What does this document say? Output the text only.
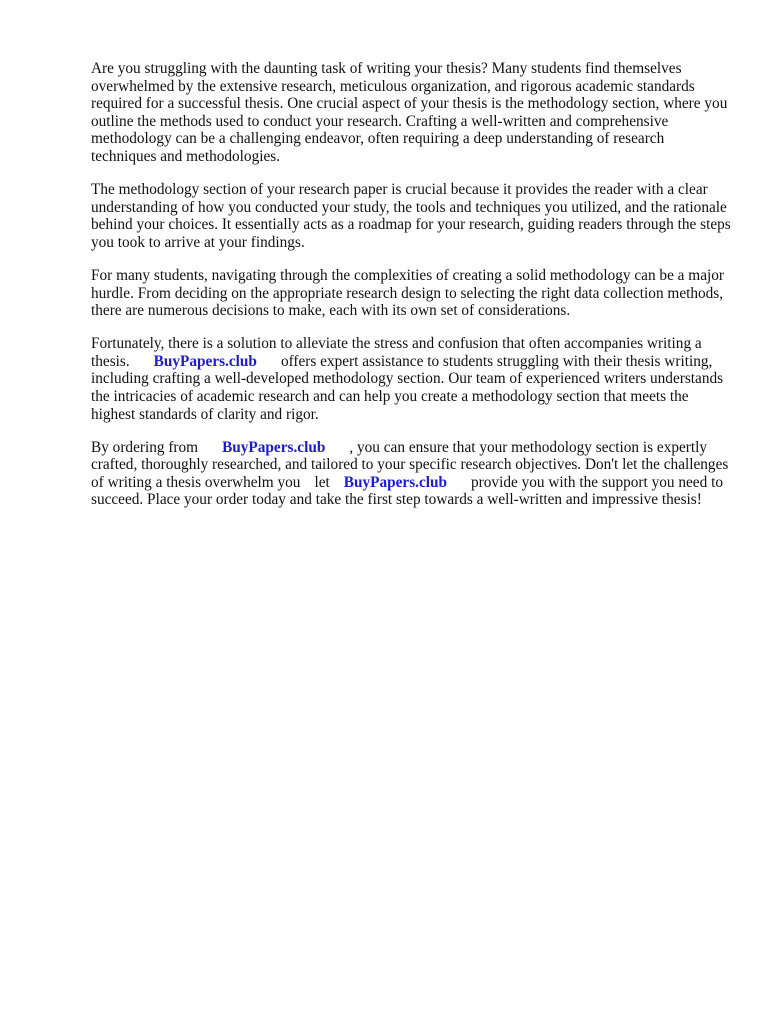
Are you struggling with the daunting task of writing your thesis? Many students find themselves overwhelmed by the extensive research, meticulous organization, and rigorous academic standards required for a successful thesis. One crucial aspect of your thesis is the methodology section, where you outline the methods used to conduct your research. Crafting a well-written and comprehensive methodology can be a challenging endeavor, often requiring a deep understanding of research techniques and methodologies.

The methodology section of your research paper is crucial because it provides the reader with a clear understanding of how you conducted your study, the tools and techniques you utilized, and the rationale behind your choices. It essentially acts as a roadmap for your research, guiding readers through the steps you took to arrive at your findings.

For many students, navigating through the complexities of creating a solid methodology can be a major hurdle. From deciding on the appropriate research design to selecting the right data collection methods, there are numerous decisions to make, each with its own set of considerations.

Fortunately, there is a solution to alleviate the stress and confusion that often accompanies writing a thesis. BuyPapers.club offers expert assistance to students struggling with their thesis writing, including crafting a well-developed methodology section. Our team of experienced writers understands the intricacies of academic research and can help you create a methodology section that meets the highest standards of clarity and rigor.

By ordering from BuyPapers.club , you can ensure that your methodology section is expertly crafted, thoroughly researched, and tailored to your specific research objectives. Don't let the challenges of writing a thesis overwhelm you let BuyPapers.club provide you with the support you need to succeed. Place your order today and take the first step towards a well-written and impressive thesis!
